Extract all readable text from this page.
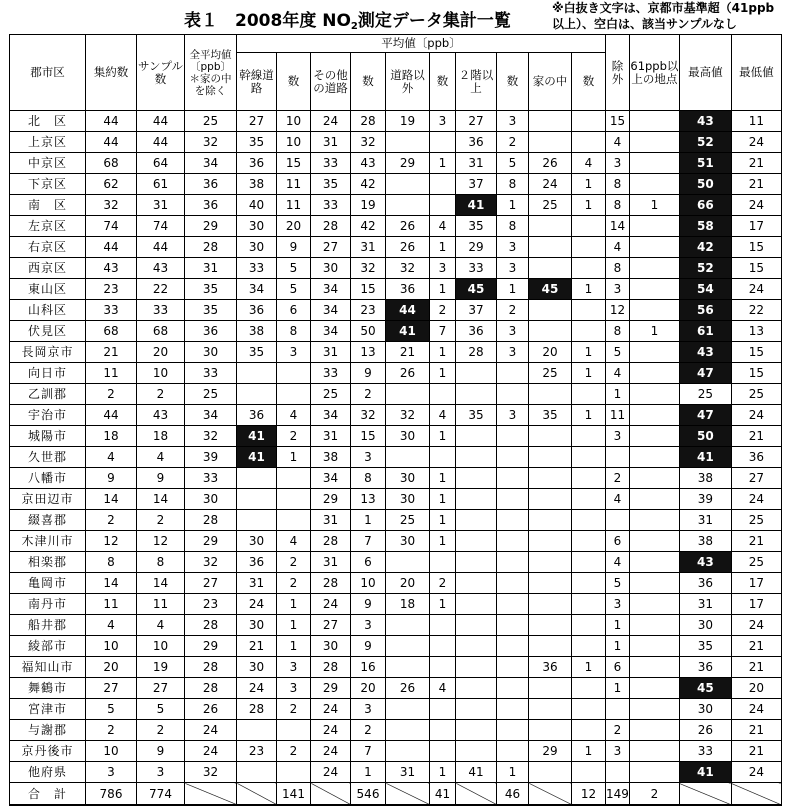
表１　2008年度 $NO_2$測定データ集計一覧
※白抜き文字は、京都市基準超（41ppb
以上）、空白は、該当サンプルなし
郡市区	集約数	サンプル数	全平均値〔ppb〕＊家の中を除く	平均値〔ppb〕										除外	61ppb以上の地点	最高値	最低値
				幹線道路	数	その他の道路	数	道路以外	数	２階以上	数	家の中	数				
北　区	44	44	25	27	10	24	28	19	3	27	3			15		43	11
上京区	44	44	32	35	10	31	32			36	2			4		52	24
中京区	68	64	34	36	15	33	43	29	1	31	5	26	4	3		51	21
下京区	62	61	36	38	11	35	42			37	8	24	1	8		50	21
南　区	32	31	36	40	11	33	19			41	1	25	1	8	1	66	24
左京区	74	74	29	30	20	28	42	26	4	35	8			14		58	17
右京区	44	44	28	30	9	27	31	26	1	29	3			4		42	15
西京区	43	43	31	33	5	30	32	32	3	33	3			8		52	15
東山区	23	22	35	34	5	34	15	36	1	45	1	45	1	3		54	24
山科区	33	33	35	36	6	34	23	44	2	37	2			12		56	22
伏見区	68	68	36	38	8	34	50	41	7	36	3			8	1	61	13
長岡京市	21	20	30	35	3	31	13	21	1	28	3	20	1	5		43	15
向日市	11	10	33			33	9	26	1			25	1	4		47	15
乙訓郡	2	2	25			25	2							1		25	25
宇治市	44	43	34	36	4	34	32	32	4	35	3	35	1	11		47	24
城陽市	18	18	32	41	2	31	15	30	1					3		50	21
久世郡	4	4	39	41	1	38	3									41	36
八幡市	9	9	33			34	8	30	1					2		38	27
京田辺市	14	14	30			29	13	30	1					4		39	24
綴喜郡	2	2	28			31	1	25	1							31	25
木津川市	12	12	29	30	4	28	7	30	1					6		38	21
相楽郡	8	8	32	36	2	31	6							4		43	25
亀岡市	14	14	27	31	2	28	10	20	2					5		36	17
南丹市	11	11	23	24	1	24	9	18	1					3		31	17
船井郡	4	4	28	30	1	27	3							1		30	24
綾部市	10	10	29	21	1	30	9							1		35	21
福知山市	20	19	28	30	3	28	16					36	1	6		36	21
舞鶴市	27	27	28	24	3	29	20	26	4					1		45	20
宮津市	5	5	26	28	2	24	3									30	24
与謝郡	2	2	24			24	2							2		26	21
京丹後市	10	9	24	23	2	24	7					29	1	3		33	21
他府県	3	3	32			24	1	31	1	41	1					41	24
合　計	786	774			141		546		41		46		12	149	2		
